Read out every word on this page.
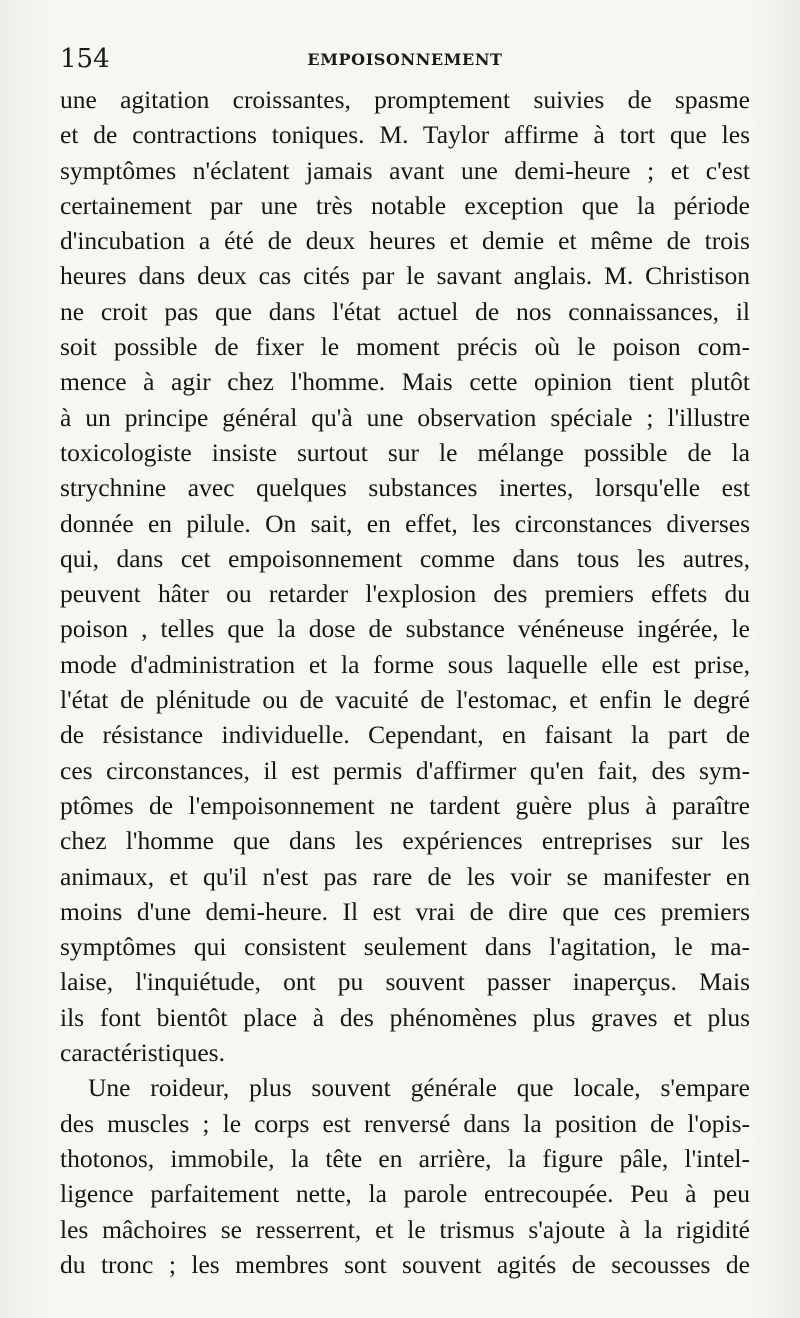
154	EMPOISONNEMENT
une agitation croissantes, promptement suivies de spasme
et de contractions toniques. M. Taylor affirme à tort que les
symptômes n'éclatent jamais avant une demi-heure ; et c'est
certainement par une très notable exception que la période
d'incubation a été de deux heures et demie et même de trois
heures dans deux cas cités par le savant anglais. M. Christison
ne croit pas que dans l'état actuel de nos connaissances, il
soit possible de fixer le moment précis où le poison com-
mence à agir chez l'homme. Mais cette opinion tient plutôt
à un principe général qu'à une observation spéciale ; l'illustre
toxicologiste insiste surtout sur le mélange possible de la
strychnine avec quelques substances inertes, lorsqu'elle est
donnée en pilule. On sait, en effet, les circonstances diverses
qui, dans cet empoisonnement comme dans tous les autres,
peuvent hâter ou retarder l'explosion des premiers effets du
poison , telles que la dose de substance vénéneuse ingérée, le
mode d'administration et la forme sous laquelle elle est prise,
l'état de plénitude ou de vacuité de l'estomac, et enfin le degré
de résistance individuelle. Cependant, en faisant la part de
ces circonstances, il est permis d'affirmer qu'en fait, des sym-
ptômes de l'empoisonnement ne tardent guère plus à paraître
chez l'homme que dans les expériences entreprises sur les
animaux, et qu'il n'est pas rare de les voir se manifester en
moins d'une demi-heure. Il est vrai de dire que ces premiers
symptômes qui consistent seulement dans l'agitation, le ma-
laise, l'inquiétude, ont pu souvent passer inaperçus. Mais
ils font bientôt place à des phénomènes plus graves et plus
caractéristiques.
Une roideur, plus souvent générale que locale, s'empare
des muscles ; le corps est renversé dans la position de l'opis-
thotonos, immobile, la tête en arrière, la figure pâle, l'intel-
ligence parfaitement nette, la parole entrecoupée. Peu à peu
les mâchoires se resserrent, et le trismus s'ajoute à la rigidité
du tronc ; les membres sont souvent agités de secousses de
